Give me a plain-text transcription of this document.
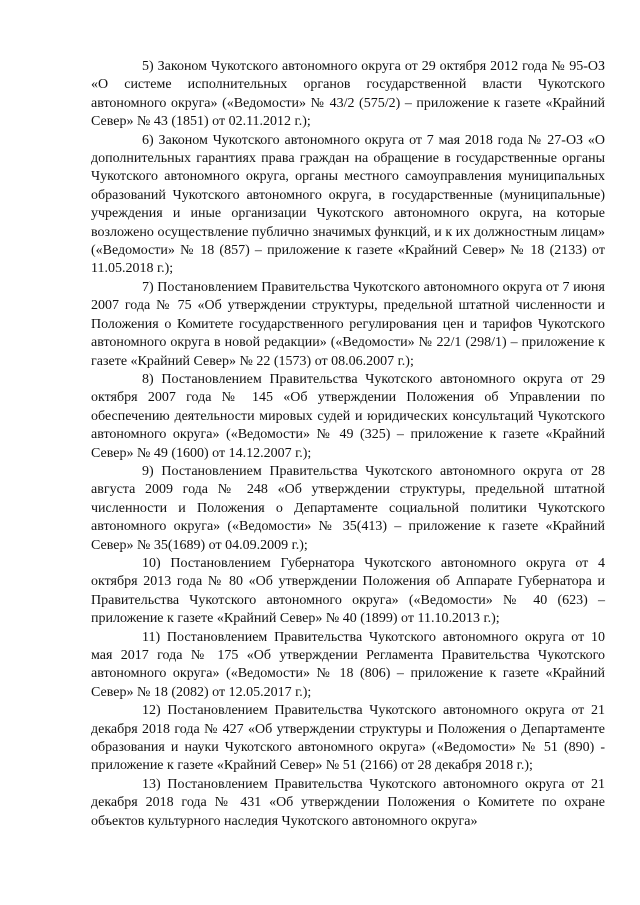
5) Законом Чукотского автономного округа от 29 октября 2012 года № 95-ОЗ «О системе исполнительных органов государственной власти Чукотского автономного округа» («Ведомости» № 43/2 (575/2) – приложение к газете «Крайний Север» № 43 (1851) от 02.11.2012 г.);

6) Законом Чукотского автономного округа от 7 мая 2018 года № 27-ОЗ «О дополнительных гарантиях права граждан на обращение в государственные органы Чукотского автономного округа, органы местного самоуправления муниципальных образований Чукотского автономного округа, в государственные (муниципальные) учреждения и иные организации Чукотского автономного округа, на которые возложено осуществление публично значимых функций, и к их должностным лицам» («Ведомости» № 18 (857) – приложение к газете «Крайний Север» № 18 (2133) от 11.05.2018 г.);

7) Постановлением Правительства Чукотского автономного округа от 7 июня 2007 года № 75 «Об утверждении структуры, предельной штатной численности и Положения о Комитете государственного регулирования цен и тарифов Чукотского автономного округа в новой редакции» («Ведомости» № 22/1 (298/1) – приложение к газете «Крайний Север» № 22 (1573) от 08.06.2007 г.);

8) Постановлением Правительства Чукотского автономного округа от 29 октября 2007 года № 145 «Об утверждении Положения об Управлении по обеспечению деятельности мировых судей и юридических консультаций Чукотского автономного округа» («Ведомости» № 49 (325) – приложение к газете «Крайний Север» № 49 (1600) от 14.12.2007 г.);

9) Постановлением Правительства Чукотского автономного округа от 28 августа 2009 года № 248 «Об утверждении структуры, предельной штатной численности и Положения о Департаменте социальной политики Чукотского автономного округа» («Ведомости» № 35(413) – приложение к газете «Крайний Север» № 35(1689) от 04.09.2009 г.);

10) Постановлением Губернатора Чукотского автономного округа от 4 октября 2013 года № 80 «Об утверждении Положения об Аппарате Губернатора и Правительства Чукотского автономного округа» («Ведомости» № 40 (623) – приложение к газете «Крайний Север» № 40 (1899) от 11.10.2013 г.);

11) Постановлением Правительства Чукотского автономного округа от 10 мая 2017 года № 175 «Об утверждении Регламента Правительства Чукотского автономного округа» («Ведомости» № 18 (806) – приложение к газете «Крайний Север» № 18 (2082) от 12.05.2017 г.);

12) Постановлением Правительства Чукотского автономного округа от 21 декабря 2018 года № 427 «Об утверждении структуры и Положения о Департаменте образования и науки Чукотского автономного округа» («Ведомости» № 51 (890) - приложение к газете «Крайний Север» № 51 (2166) от 28 декабря 2018 г.);

13) Постановлением Правительства Чукотского автономного округа от 21 декабря 2018 года № 431 «Об утверждении Положения о Комитете по охране объектов культурного наследия Чукотского автономного округа»
